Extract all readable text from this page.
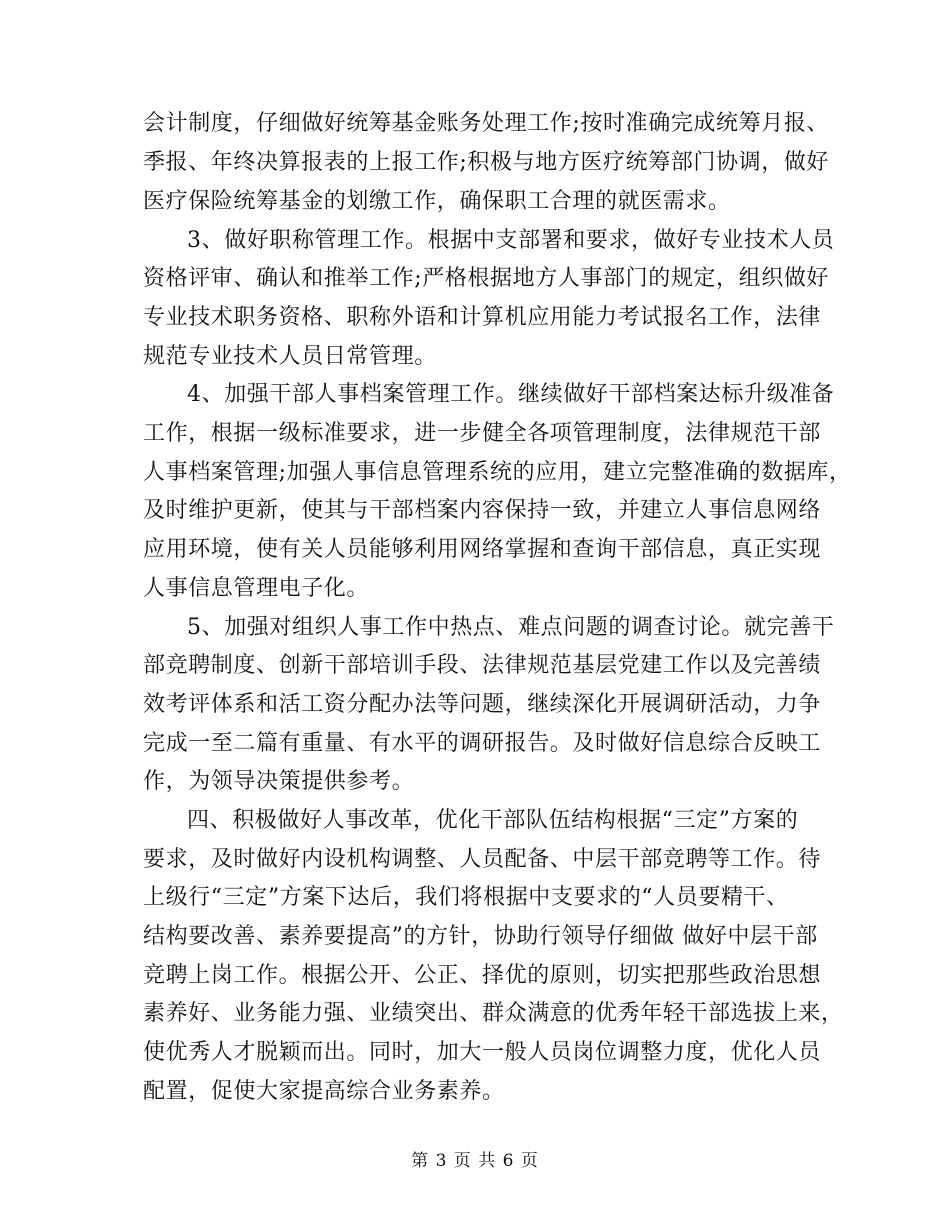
会计制度，仔细做好统筹基金账务处理工作;按时准确完成统筹月报、
季报、年终决算报表的上报工作;积极与地方医疗统筹部门协调，做好
医疗保险统筹基金的划缴工作，确保职工合理的就医需求。
3、做好职称管理工作。根据中支部署和要求，做好专业技术人员
资格评审、确认和推举工作;严格根据地方人事部门的规定，组织做好
专业技术职务资格、职称外语和计算机应用能力考试报名工作，法律
规范专业技术人员日常管理。
4、加强干部人事档案管理工作。继续做好干部档案达标升级准备
工作，根据一级标准要求，进一步健全各项管理制度，法律规范干部
人事档案管理;加强人事信息管理系统的应用，建立完整准确的数据库，
及时维护更新，使其与干部档案内容保持一致，并建立人事信息网络
应用环境，使有关人员能够利用网络掌握和查询干部信息，真正实现
人事信息管理电子化。
5、加强对组织人事工作中热点、难点问题的调查讨论。就完善干
部竞聘制度、创新干部培训手段、法律规范基层党建工作以及完善绩
效考评体系和活工资分配办法等问题，继续深化开展调研活动，力争
完成一至二篇有重量、有水平的调研报告。及时做好信息综合反映工
作，为领导决策提供参考。
四、积极做好人事改革，优化干部队伍结构根据“三定”方案的
要求，及时做好内设机构调整、人员配备、中层干部竞聘等工作。待
上级行“三定”方案下达后，我们将根据中支要求的“人员要精干、
结构要改善、素养要提高”的方针，协助行领导仔细做 做好中层干部
竞聘上岗工作。根据公开、公正、择优的原则，切实把那些政治思想
素养好、业务能力强、业绩突出、群众满意的优秀年轻干部选拔上来，
使优秀人才脱颖而出。同时，加大一般人员岗位调整力度，优化人员
配置，促使大家提高综合业务素养。
第 3 页 共 6 页
